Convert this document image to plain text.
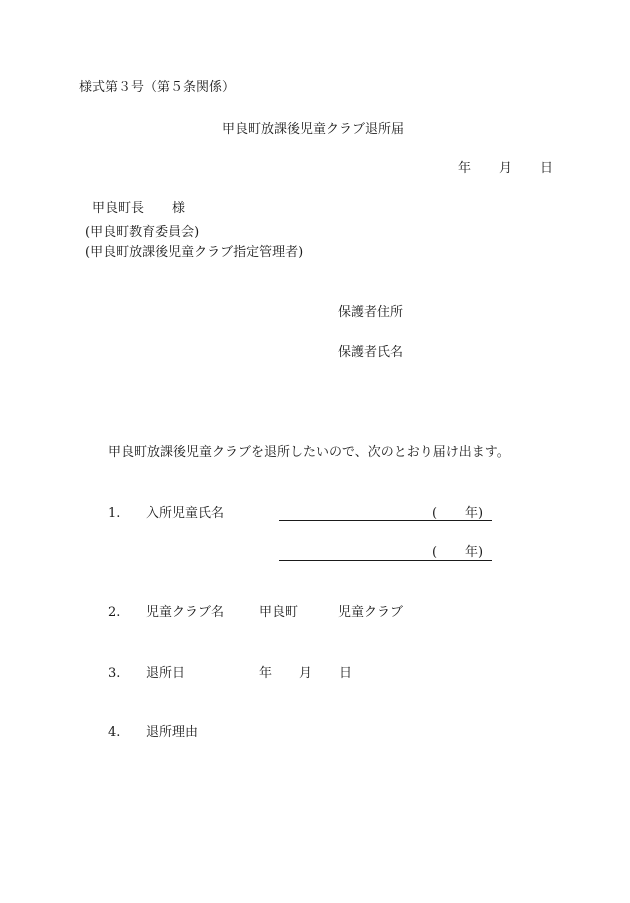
様式第３号（第５条関係）
甲良町放課後児童クラブ退所届
年 月 日
甲良町長 様
(甲良町教育委員会)
(甲良町放課後児童クラブ指定管理者)
保護者住所
保護者氏名
甲良町放課後児童クラブを退所したいので、次のとおり届け出ます。
1. 入所児童氏名	( 年)
( 年)
2. 児童クラブ名	甲良町	児童クラブ
3. 退所日	年 月 日
4. 退所理由
